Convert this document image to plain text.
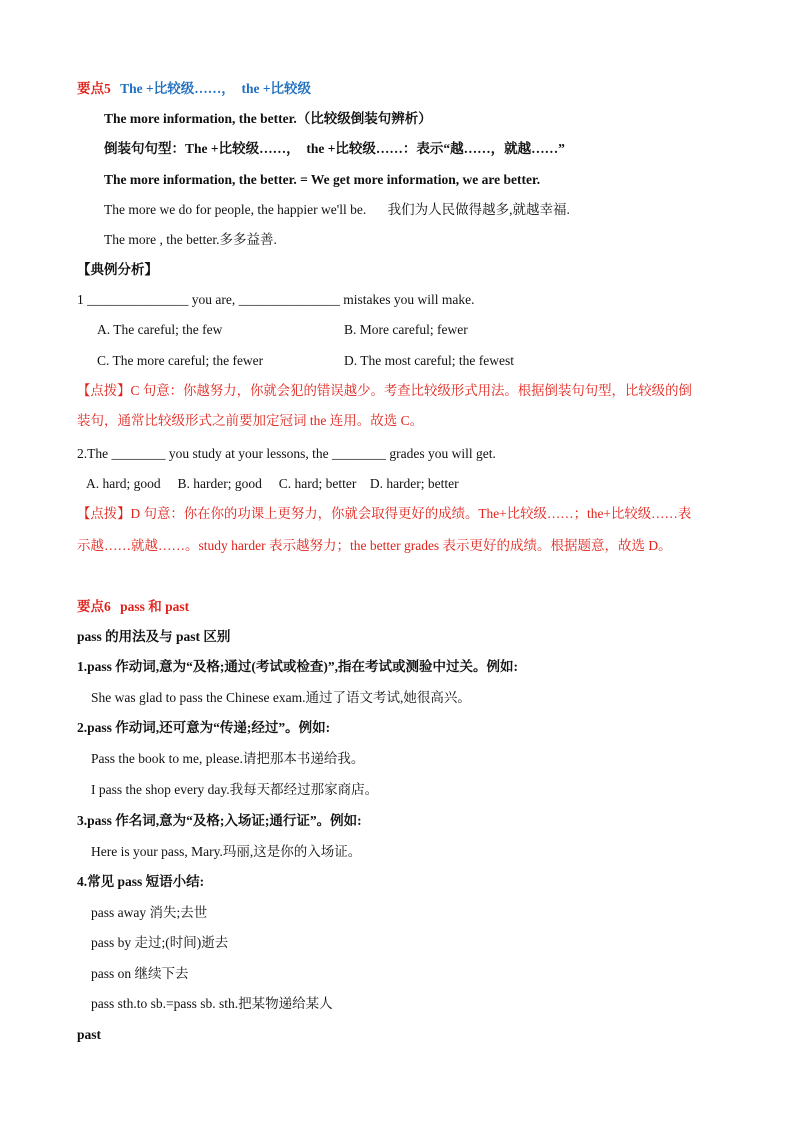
要点5 The +比较级……，　the +比较级
The more information, the better.（比较级倒装句辨析）
倒装句句型：The +比较级……，　the +比较级……：表示“越……，就越……”
The more information, the better. = We get more information, we are better.
The more we do for people, the happier we'll be. 我们为人民做得越多,就越幸福.
The more , the better.多多益善.
【典例分析】
1 _______________ you are, _______________ mistakes you will make.
A. The careful; the few	B. More careful; fewer
C. The more careful; the fewer	D. The most careful; the fewest
【点拨】C 句意：你越努力，你就会犯的错误越少。考查比较级形式用法。根据倒装句句型，比较级的倒
装句，通常比较级形式之前要加定冠词 the 连用。故选 C。
2.The ________ you study at your lessons, the ________ grades you will get.
A. hard; good　 B. harder; good　 C. hard; better　D. harder; better
【点拨】D 句意：你在你的功课上更努力，你就会取得更好的成绩。The+比较级……；the+比较级……表
示越……就越……。study harder 表示越努力；the better grades 表示更好的成绩。根据题意，故选 D。
要点6 pass 和 past
pass 的用法及与 past 区别
1.pass 作动词,意为“及格;通过(考试或检查)”,指在考试或测验中过关。例如:
She was glad to pass the Chinese exam.通过了语文考试,她很高兴。
2.pass 作动词,还可意为“传递;经过”。例如:
Pass the book to me, please.请把那本书递给我。
I pass the shop every day.我每天都经过那家商店。
3.pass 作名词,意为“及格;入场证;通行证”。例如:
Here is your pass, Mary.玛丽,这是你的入场证。
4.常见 pass 短语小结:
pass away 消失;去世
pass by 走过;(时间)逝去
pass on 继续下去
pass sth.to sb.=pass sb. sth.把某物递给某人
past
